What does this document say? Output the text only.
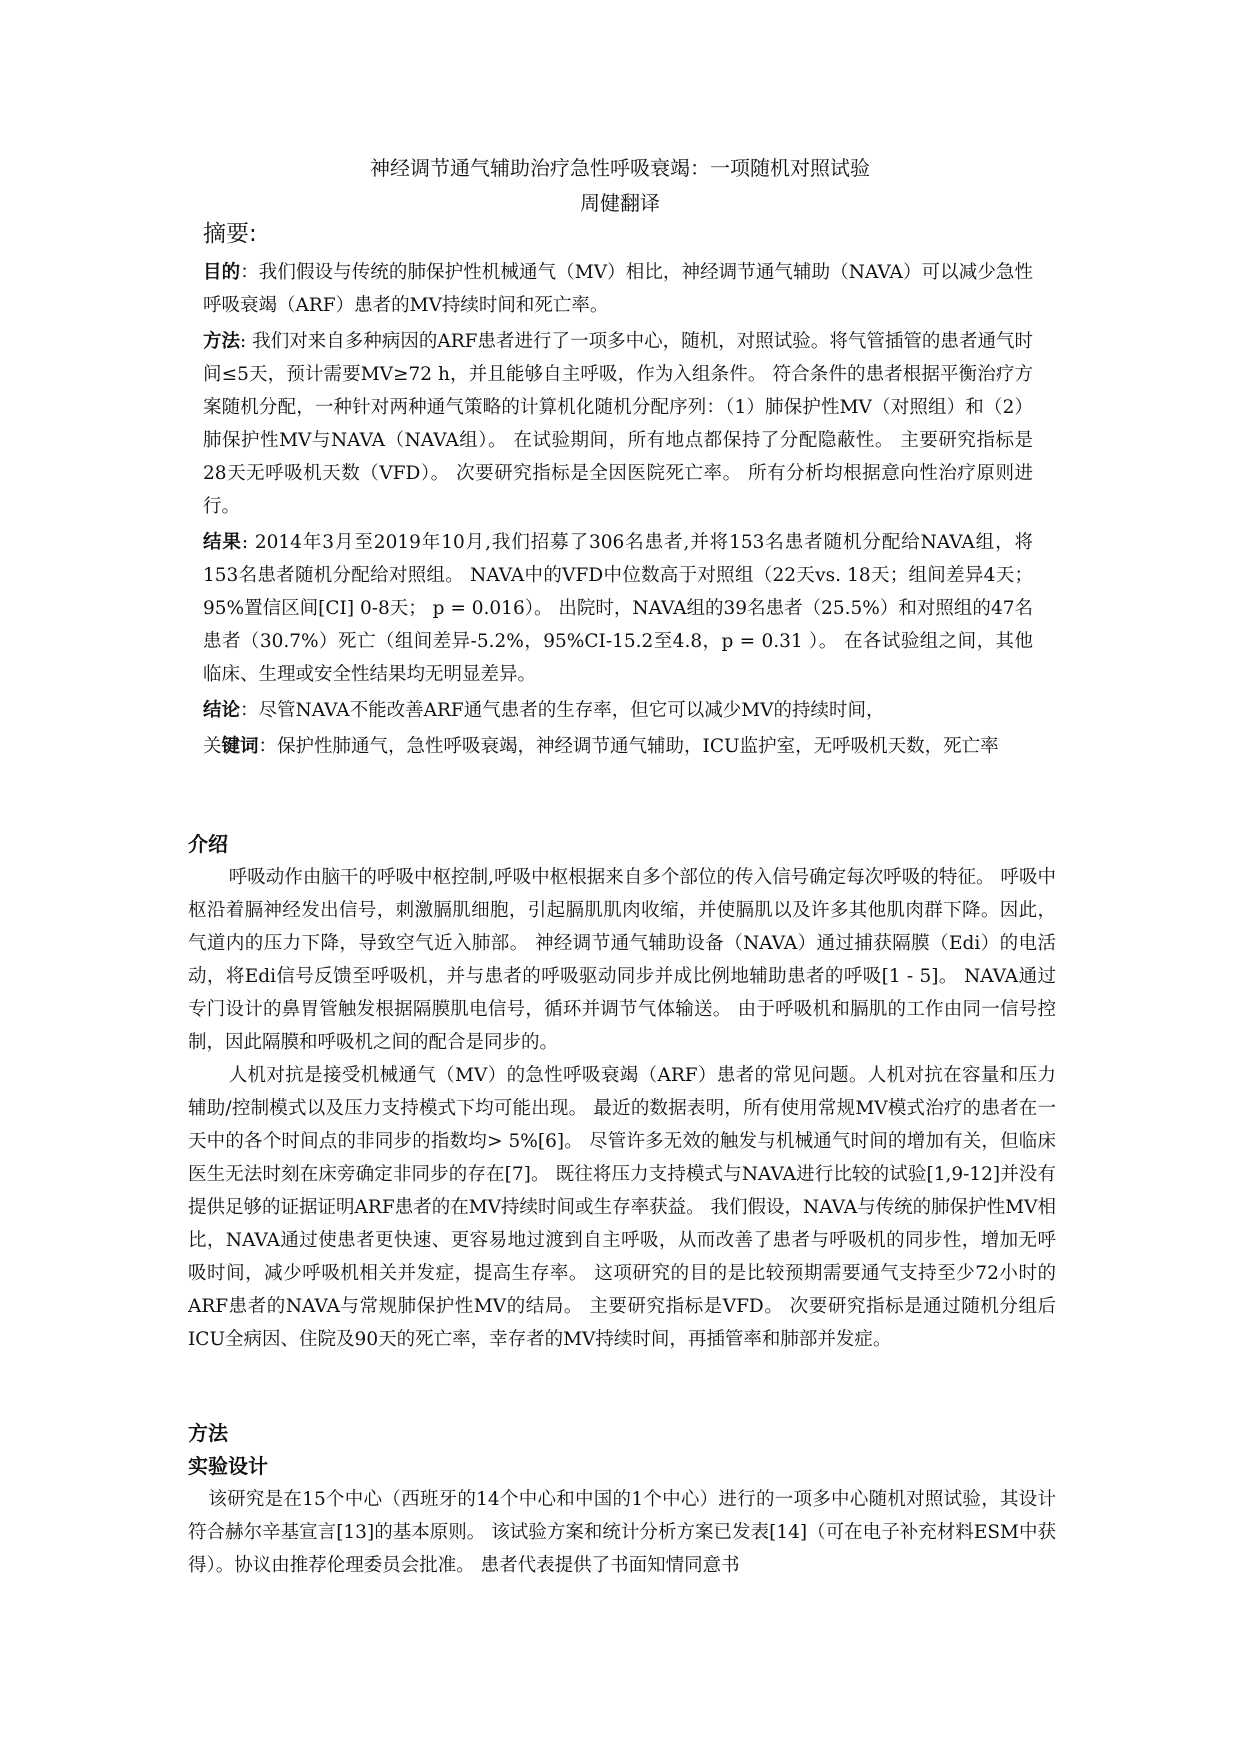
神经调节通气辅助治疗急性呼吸衰竭：一项随机对照试验
周健翻译
摘要:

目的：我们假设与传统的肺保护性机械通气（MV）相比，神经调节通气辅助（NAVA）可以减少急性呼吸衰竭（ARF）患者的MV持续时间和死亡率。

方法: 我们对来自多种病因的ARF患者进行了一项多中心，随机，对照试验。将气管插管的患者通气时间≤5天，预计需要MV≥72 h，并且能够自主呼吸，作为入组条件。 符合条件的患者根据平衡治疗方案随机分配，一种针对两种通气策略的计算机化随机分配序列：（1）肺保护性MV（对照组）和（2）肺保护性MV与NAVA（NAVA组）。 在试验期间，所有地点都保持了分配隐蔽性。 主要研究指标是28天无呼吸机天数（VFD）。 次要研究指标是全因医院死亡率。 所有分析均根据意向性治疗原则进行。

结果: 2014年3月至2019年10月,我们招募了306名患者,并将153名患者随机分配给NAVA组，将153名患者随机分配给对照组。 NAVA中的VFD中位数高于对照组（22天vs. 18天；组间差异4天； 95%置信区间[CI] 0-8天； p = 0.016）。 出院时，NAVA组的39名患者（25.5%）和对照组的47名患者（30.7%）死亡（组间差异-5.2%，95%CI-15.2至4.8，p = 0.31 ）。 在各试验组之间，其他临床、生理或安全性结果均无明显差异。

结论：尽管NAVA不能改善ARF通气患者的生存率，但它可以减少MV的持续时间，

关键词：保护性肺通气，急性呼吸衰竭，神经调节通气辅助，ICU监护室，无呼吸机天数，死亡率

介绍

呼吸动作由脑干的呼吸中枢控制,呼吸中枢根据来自多个部位的传入信号确定每次呼吸的特征。 呼吸中枢沿着膈神经发出信号，刺激膈肌细胞，引起膈肌肌肉收缩，并使膈肌以及许多其他肌肉群下降。因此，气道内的压力下降，导致空气近入肺部。 神经调节通气辅助设备（NAVA）通过捕获隔膜（Edi）的电活动，将Edi信号反馈至呼吸机，并与患者的呼吸驱动同步并成比例地辅助患者的呼吸[1 - 5]。 NAVA通过专门设计的鼻胃管触发根据隔膜肌电信号，循环并调节气体输送。 由于呼吸机和膈肌的工作由同一信号控制，因此隔膜和呼吸机之间的配合是同步的。

人机对抗是接受机械通气（MV）的急性呼吸衰竭（ARF）患者的常见问题。人机对抗在容量和压力辅助/控制模式以及压力支持模式下均可能出现。 最近的数据表明，所有使用常规MV模式治疗的患者在一天中的各个时间点的非同步的指数均> 5%[6]。 尽管许多无效的触发与机械通气时间的增加有关，但临床医生无法时刻在床旁确定非同步的存在[7]。 既往将压力支持模式与NAVA进行比较的试验[1,9-12]并没有提供足够的证据证明ARF患者的在MV持续时间或生存率获益。 我们假设，NAVA与传统的肺保护性MV相比，NAVA通过使患者更快速、更容易地过渡到自主呼吸，从而改善了患者与呼吸机的同步性，增加无呼吸时间，减少呼吸机相关并发症，提高生存率。 这项研究的目的是比较预期需要通气支持至少72小时的ARF患者的NAVA与常规肺保护性MV的结局。 主要研究指标是VFD。 次要研究指标是通过随机分组后ICU全病因、住院及90天的死亡率，幸存者的MV持续时间，再插管率和肺部并发症。

方法
实验设计

该研究是在15个中心（西班牙的14个中心和中国的1个中心）进行的一项多中心随机对照试验，其设计符合赫尔辛基宣言[13]的基本原则。 该试验方案和统计分析方案已发表[14]（可在电子补充材料ESM中获得）。协议由推荐伦理委员会批准。 患者代表提供了书面知情同意书
